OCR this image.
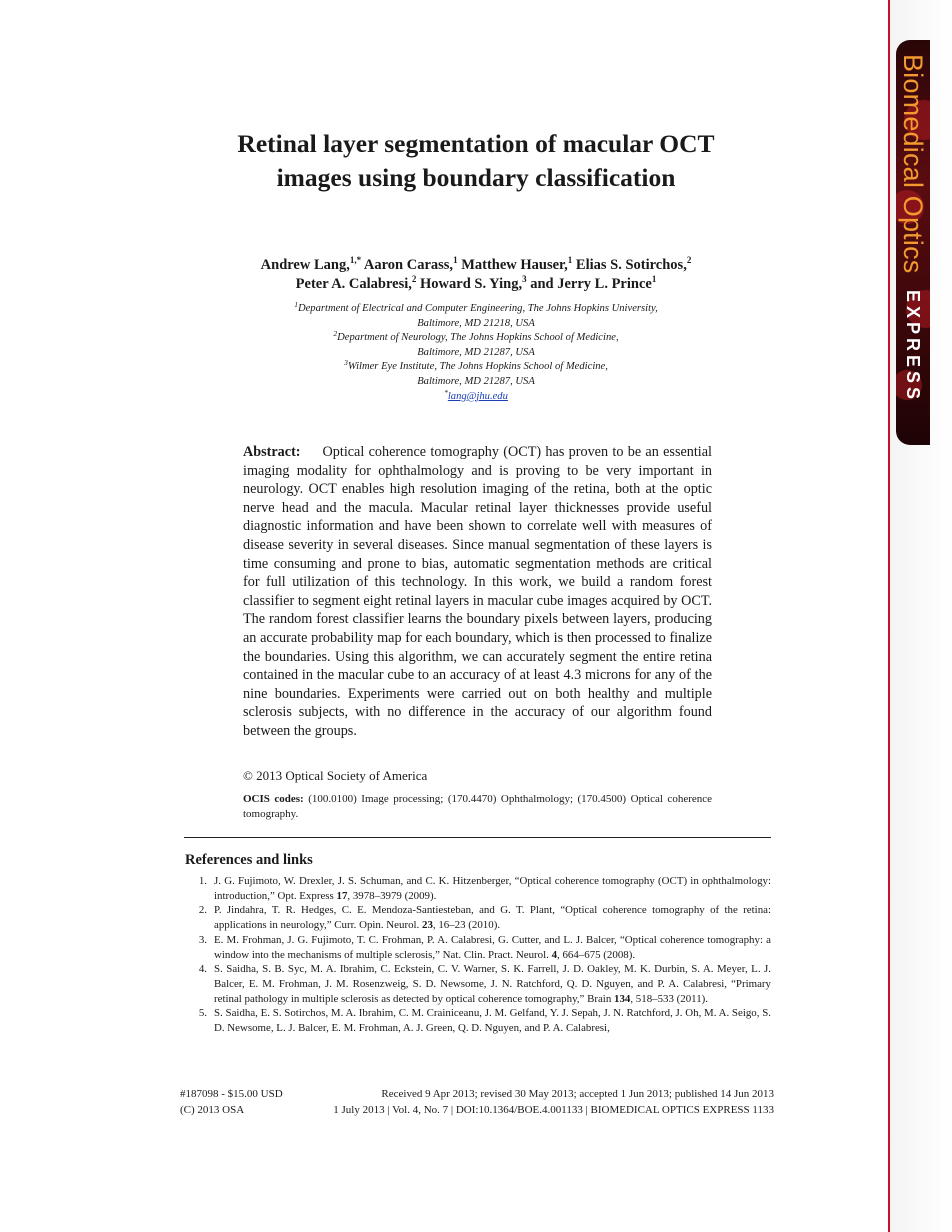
Biomedical Optics EXPRESS
Retinal layer segmentation of macular OCT images using boundary classification
Andrew Lang,$^{1,*}$ Aaron Carass,$^1$ Matthew Hauser,$^1$ Elias S. Sotirchos,$^2$
Peter A. Calabresi,$^2$ Howard S. Ying,$^3$ and Jerry L. Prince$^1$
$^1$Department of Electrical and Computer Engineering, The Johns Hopkins University,
Baltimore, MD 21218, USA
$^2$Department of Neurology, The Johns Hopkins School of Medicine,
Baltimore, MD 21287, USA
$^3$Wilmer Eye Institute, The Johns Hopkins School of Medicine,
Baltimore, MD 21287, USA
*lang@jhu.edu
Abstract: Optical coherence tomography (OCT) has proven to be an essential imaging modality for ophthalmology and is proving to be very important in neurology. OCT enables high resolution imaging of the retina, both at the optic nerve head and the macula. Macular retinal layer thicknesses provide useful diagnostic information and have been shown to correlate well with measures of disease severity in several diseases. Since manual segmentation of these layers is time consuming and prone to bias, automatic segmentation methods are critical for full utilization of this technology. In this work, we build a random forest classifier to segment eight retinal layers in macular cube images acquired by OCT. The random forest classifier learns the boundary pixels between layers, producing an accurate probability map for each boundary, which is then processed to finalize the boundaries. Using this algorithm, we can accurately segment the entire retina contained in the macular cube to an accuracy of at least 4.3 microns for any of the nine boundaries. Experiments were carried out on both healthy and multiple sclerosis subjects, with no difference in the accuracy of our algorithm found between the groups.
© 2013 Optical Society of America
OCIS codes: (100.0100) Image processing; (170.4470) Ophthalmology; (170.4500) Optical coherence tomography.
References and links
1. J. G. Fujimoto, W. Drexler, J. S. Schuman, and C. K. Hitzenberger, “Optical coherence tomography (OCT) in ophthalmology: introduction,” Opt. Express 17, 3978–3979 (2009).
2. P. Jindahra, T. R. Hedges, C. E. Mendoza-Santiesteban, and G. T. Plant, “Optical coherence tomography of the retina: applications in neurology,” Curr. Opin. Neurol. 23, 16–23 (2010).
3. E. M. Frohman, J. G. Fujimoto, T. C. Frohman, P. A. Calabresi, G. Cutter, and L. J. Balcer, “Optical coherence tomography: a window into the mechanisms of multiple sclerosis,” Nat. Clin. Pract. Neurol. 4, 664–675 (2008).
4. S. Saidha, S. B. Syc, M. A. Ibrahim, C. Eckstein, C. V. Warner, S. K. Farrell, J. D. Oakley, M. K. Durbin, S. A. Meyer, L. J. Balcer, E. M. Frohman, J. M. Rosenzweig, S. D. Newsome, J. N. Ratchford, Q. D. Nguyen, and P. A. Calabresi, “Primary retinal pathology in multiple sclerosis as detected by optical coherence tomography,” Brain 134, 518–533 (2011).
5. S. Saidha, E. S. Sotirchos, M. A. Ibrahim, C. M. Crainiceanu, J. M. Gelfand, Y. J. Sepah, J. N. Ratchford, J. Oh, M. A. Seigo, S. D. Newsome, L. J. Balcer, E. M. Frohman, A. J. Green, Q. D. Nguyen, and P. A. Calabresi,
#187098 - $15.00 USD	Received 9 Apr 2013; revised 30 May 2013; accepted 1 Jun 2013; published 14 Jun 2013
(C) 2013 OSA	1 July 2013 | Vol. 4, No. 7 | DOI:10.1364/BOE.4.001133 | BIOMEDICAL OPTICS EXPRESS 1133
